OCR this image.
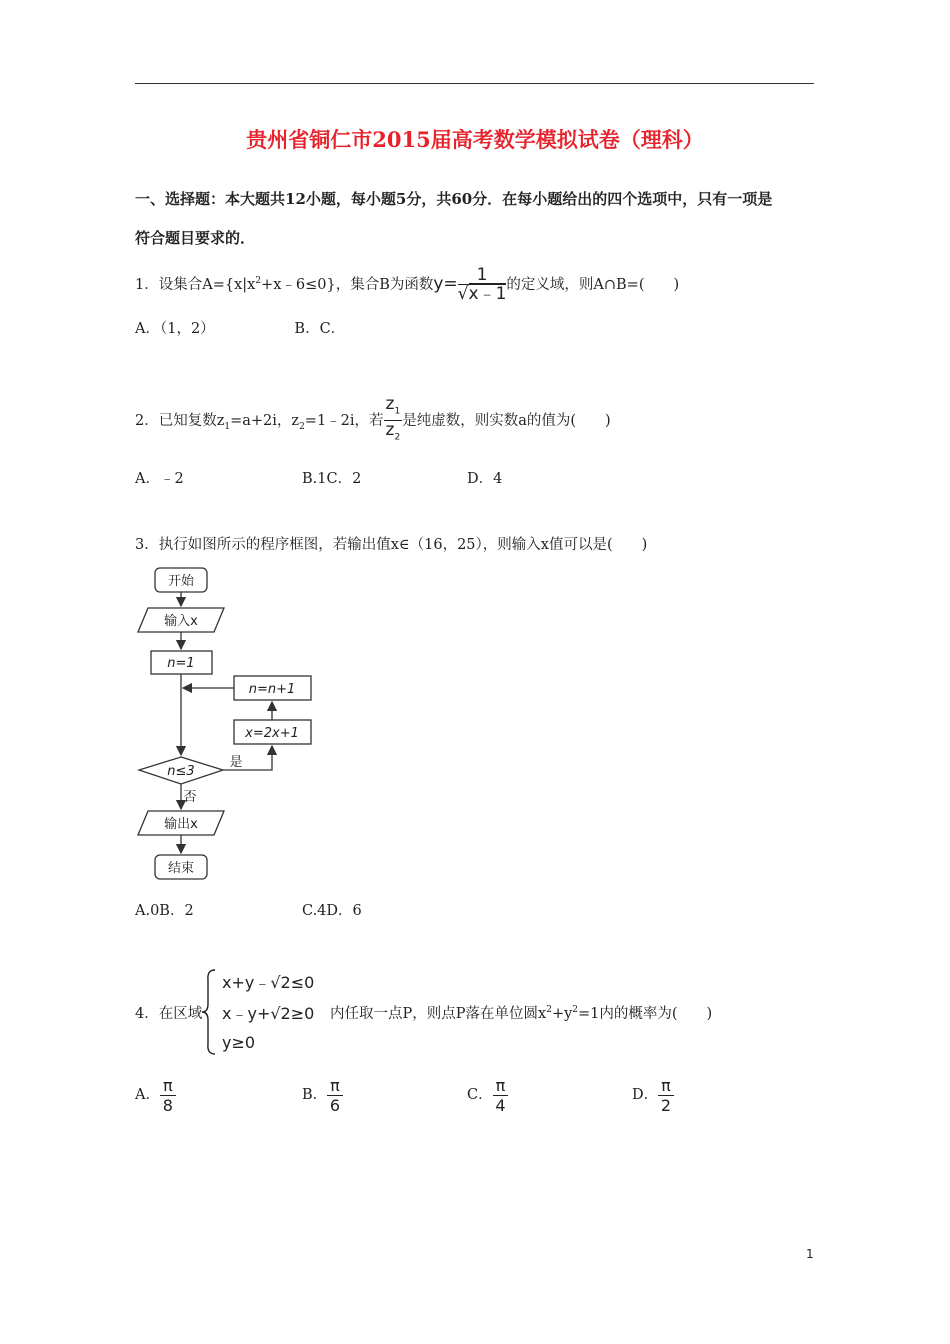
贵州省铜仁市2015届高考数学模拟试卷（理科）
一、选择题：本大题共12小题，每小题5分，共60分．在每小题给出的四个选项中，只有一项是
符合题目要求的．
1．设集合$A=\{x|x^2+x﹣6\le 0\}$，集合B为函数$y= \frac{1}{√x﹣1}$ 的定义域，则A∩B=(　　)
A．（1，2）　　　　　　B．C．
2．已知复数$z_1=a+2i$，$z_2=1﹣2i$，若 $\frac{z_1}{z_2}$ 是纯虚数，则实数a的值为(　　)
A．﹣2	B.1C．2	D．4
3．执行如图所示的程序框图，若输出值x∈（16，25），则输入x值可以是(　　)
开始
输入x
n=1
n=n+1
x=2x+1
n≤3
是
否
输出x
结束
A.0B．2	C.4D．6
4．在区域
x+y﹣√2≤0
x﹣y+√2≥0
y≥0
内任取一点P，则点P落在单位圆$x^2+y^2=1$内的概率为(　　)
A． $\frac{\pi}{8}$	B． $\frac{\pi}{6}$	C． $\frac{\pi}{4}$	D． $\frac{\pi}{2}$
1
